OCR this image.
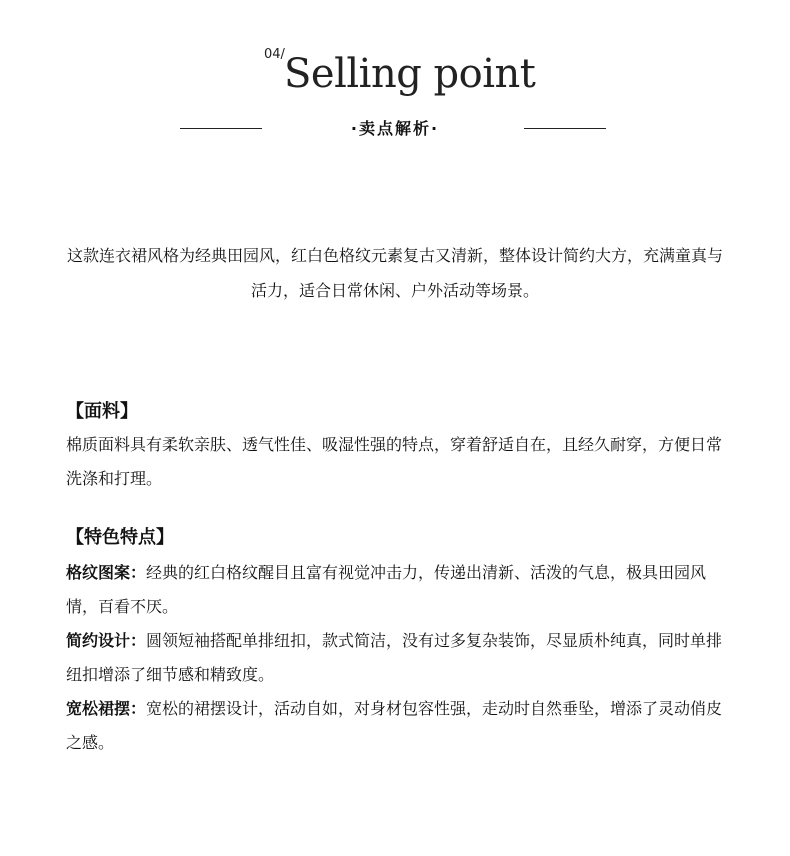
04/ Selling point
·卖点解析·
这款连衣裙风格为经典田园风，红白色格纹元素复古又清新，整体设计简约大方，充满童真与活力，适合日常休闲、户外活动等场景。
【面料】

棉质面料具有柔软亲肤、透气性佳、吸湿性强的特点，穿着舒适自在，且经久耐穿，方便日常洗涤和打理。

【特色特点】

格纹图案：经典的红白格纹醒目且富有视觉冲击力，传递出清新、活泼的气息，极具田园风情，百看不厌。

简约设计：圆领短袖搭配单排纽扣，款式简洁，没有过多复杂装饰，尽显质朴纯真，同时单排纽扣增添了细节感和精致度。

宽松裙摆：宽松的裙摆设计，活动自如，对身材包容性强，走动时自然垂坠，增添了灵动俏皮之感。
